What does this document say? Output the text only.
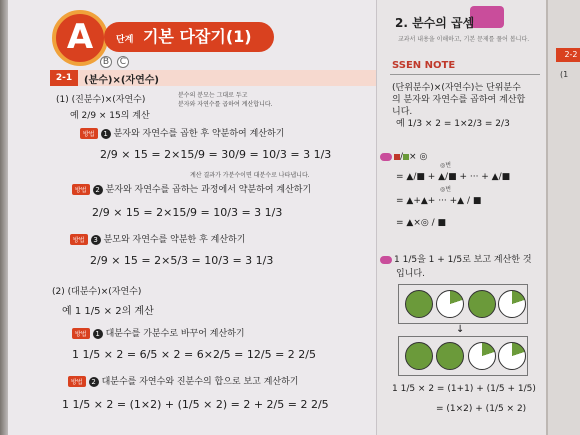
A	단계 기본 다잡기(1)
B C
2-1	(분수)×(자연수)
(1) (진분수)×(자연수)	분수의 분모는 그대로 두고
분자와 자연수를 곱하여 계산합니다.
예 2/9 × 15의 계산
방법 1 분자와 자연수를 곱한 후 약분하여 계산하기
2/9 × 15 = 2×15/9 = 30/9 = 10/3 = 3 1/3
계산 결과가 가분수이면 대분수로 나타냅니다.
방법 2 분자와 자연수를 곱하는 과정에서 약분하여 계산하기
2/9 × 15 = 2×15/9 = 10/3 = 3 1/3
방법 3 분모와 자연수를 약분한 후 계산하기
2/9 × 15 = 2×5/3 = 10/3 = 3 1/3
(2) (대분수)×(자연수)
예 1 1/5 × 2의 계산
방법 1 대분수를 가분수로 바꾸어 계산하기
1 1/5 × 2 = 6/5 × 2 = 6×2/5 = 12/5 = 2 2/5
방법 2 대분수를 자연수와 진분수의 합으로 보고 계산하기
1 1/5 × 2 = (1×2) + (1/5 × 2) = 2 + 2/5 = 2 2/5
2. 분수의 곱셈
교과서 내용을 이해하고, 기본 문제를 풀어 봅니다.
SSEN NOTE
(단위분수)×(자연수)는 단위분수
의 분자와 자연수를 곱하여 계산합
니다.
예 1/3 × 2 = 1×2/3 = 2/3
/ × ◎
◎번
= ▲/■ + ▲/■ + ··· + ▲/■
◎번
= ▲+▲+ ··· +▲ / ■
= ▲×◎ / ■
1 1/5을 1 + 1/5로 보고 계산한 것
입니다.
↓
1 1/5 × 2 = (1+1) + (1/5 + 1/5)
= (1×2) + (1/5 × 2)
2-2
(1
